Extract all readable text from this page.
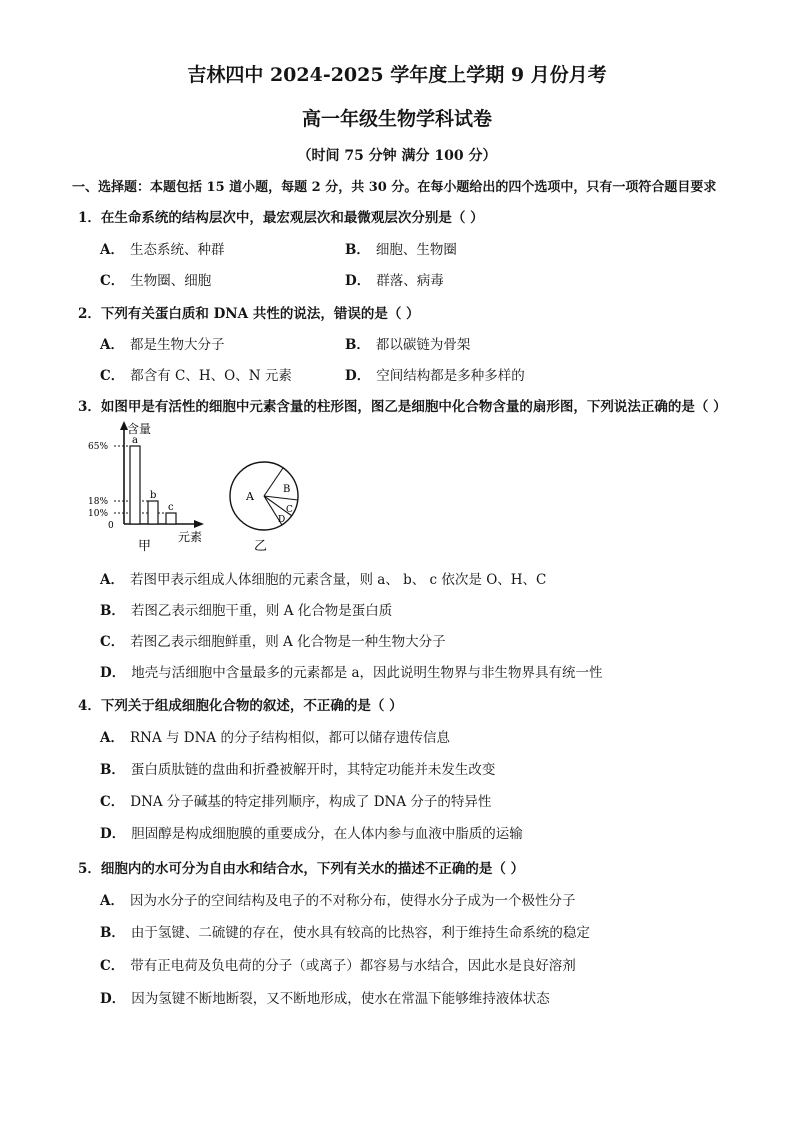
吉林四中 2024-2025 学年度上学期 9 月份月考
高一年级生物学科试卷
（时间 75 分钟 满分 100 分）
一、选择题：本题包括 15 道小题，每题 2 分，共 30 分。在每小题给出的四个选项中，只有一项符合题目要求
1．在生命系统的结构层次中，最宏观层次和最微观层次分别是（ ）
A． 生态系统、种群	B． 细胞、生物圈
C． 生物圈、细胞	D． 群落、病毒
2．下列有关蛋白质和 DNA 共性的说法，错误的是（ ）
A． 都是生物大分子	B． 都以碳链为骨架
C． 都含有 C、H、O、N 元素	D． 空间结构都是多种多样的
3．如图甲是有活性的细胞中元素含量的柱形图，图乙是细胞中化合物含量的扇形图，下列说法正确的是（ ）
含量
65%
18%
10%
0
a
b
c
元素
甲
A
B
C
D
乙
A． 若图甲表示组成人体细胞的元素含量，则 a、 b、 c 依次是 O、H、C
B． 若图乙表示细胞干重，则 A 化合物是蛋白质
C． 若图乙表示细胞鲜重，则 A 化合物是一种生物大分子
D． 地壳与活细胞中含量最多的元素都是 a，因此说明生物界与非生物界具有统一性
4．下列关于组成细胞化合物的叙述，不正确的是（ ）
A． RNA 与 DNA 的分子结构相似，都可以储存遗传信息
B． 蛋白质肽链的盘曲和折叠被解开时，其特定功能并未发生改变
C． DNA 分子碱基的特定排列顺序，构成了 DNA 分子的特异性
D． 胆固醇是构成细胞膜的重要成分，在人体内参与血液中脂质的运输
5．细胞内的水可分为自由水和结合水，下列有关水的描述不正确的是（ ）
A． 因为水分子的空间结构及电子的不对称分布，使得水分子成为一个极性分子
B． 由于氢键、二硫键的存在，使水具有较高的比热容，利于维持生命系统的稳定
C． 带有正电荷及负电荷的分子（或离子）都容易与水结合，因此水是良好溶剂
D． 因为氢键不断地断裂，又不断地形成，使水在常温下能够维持液体状态
